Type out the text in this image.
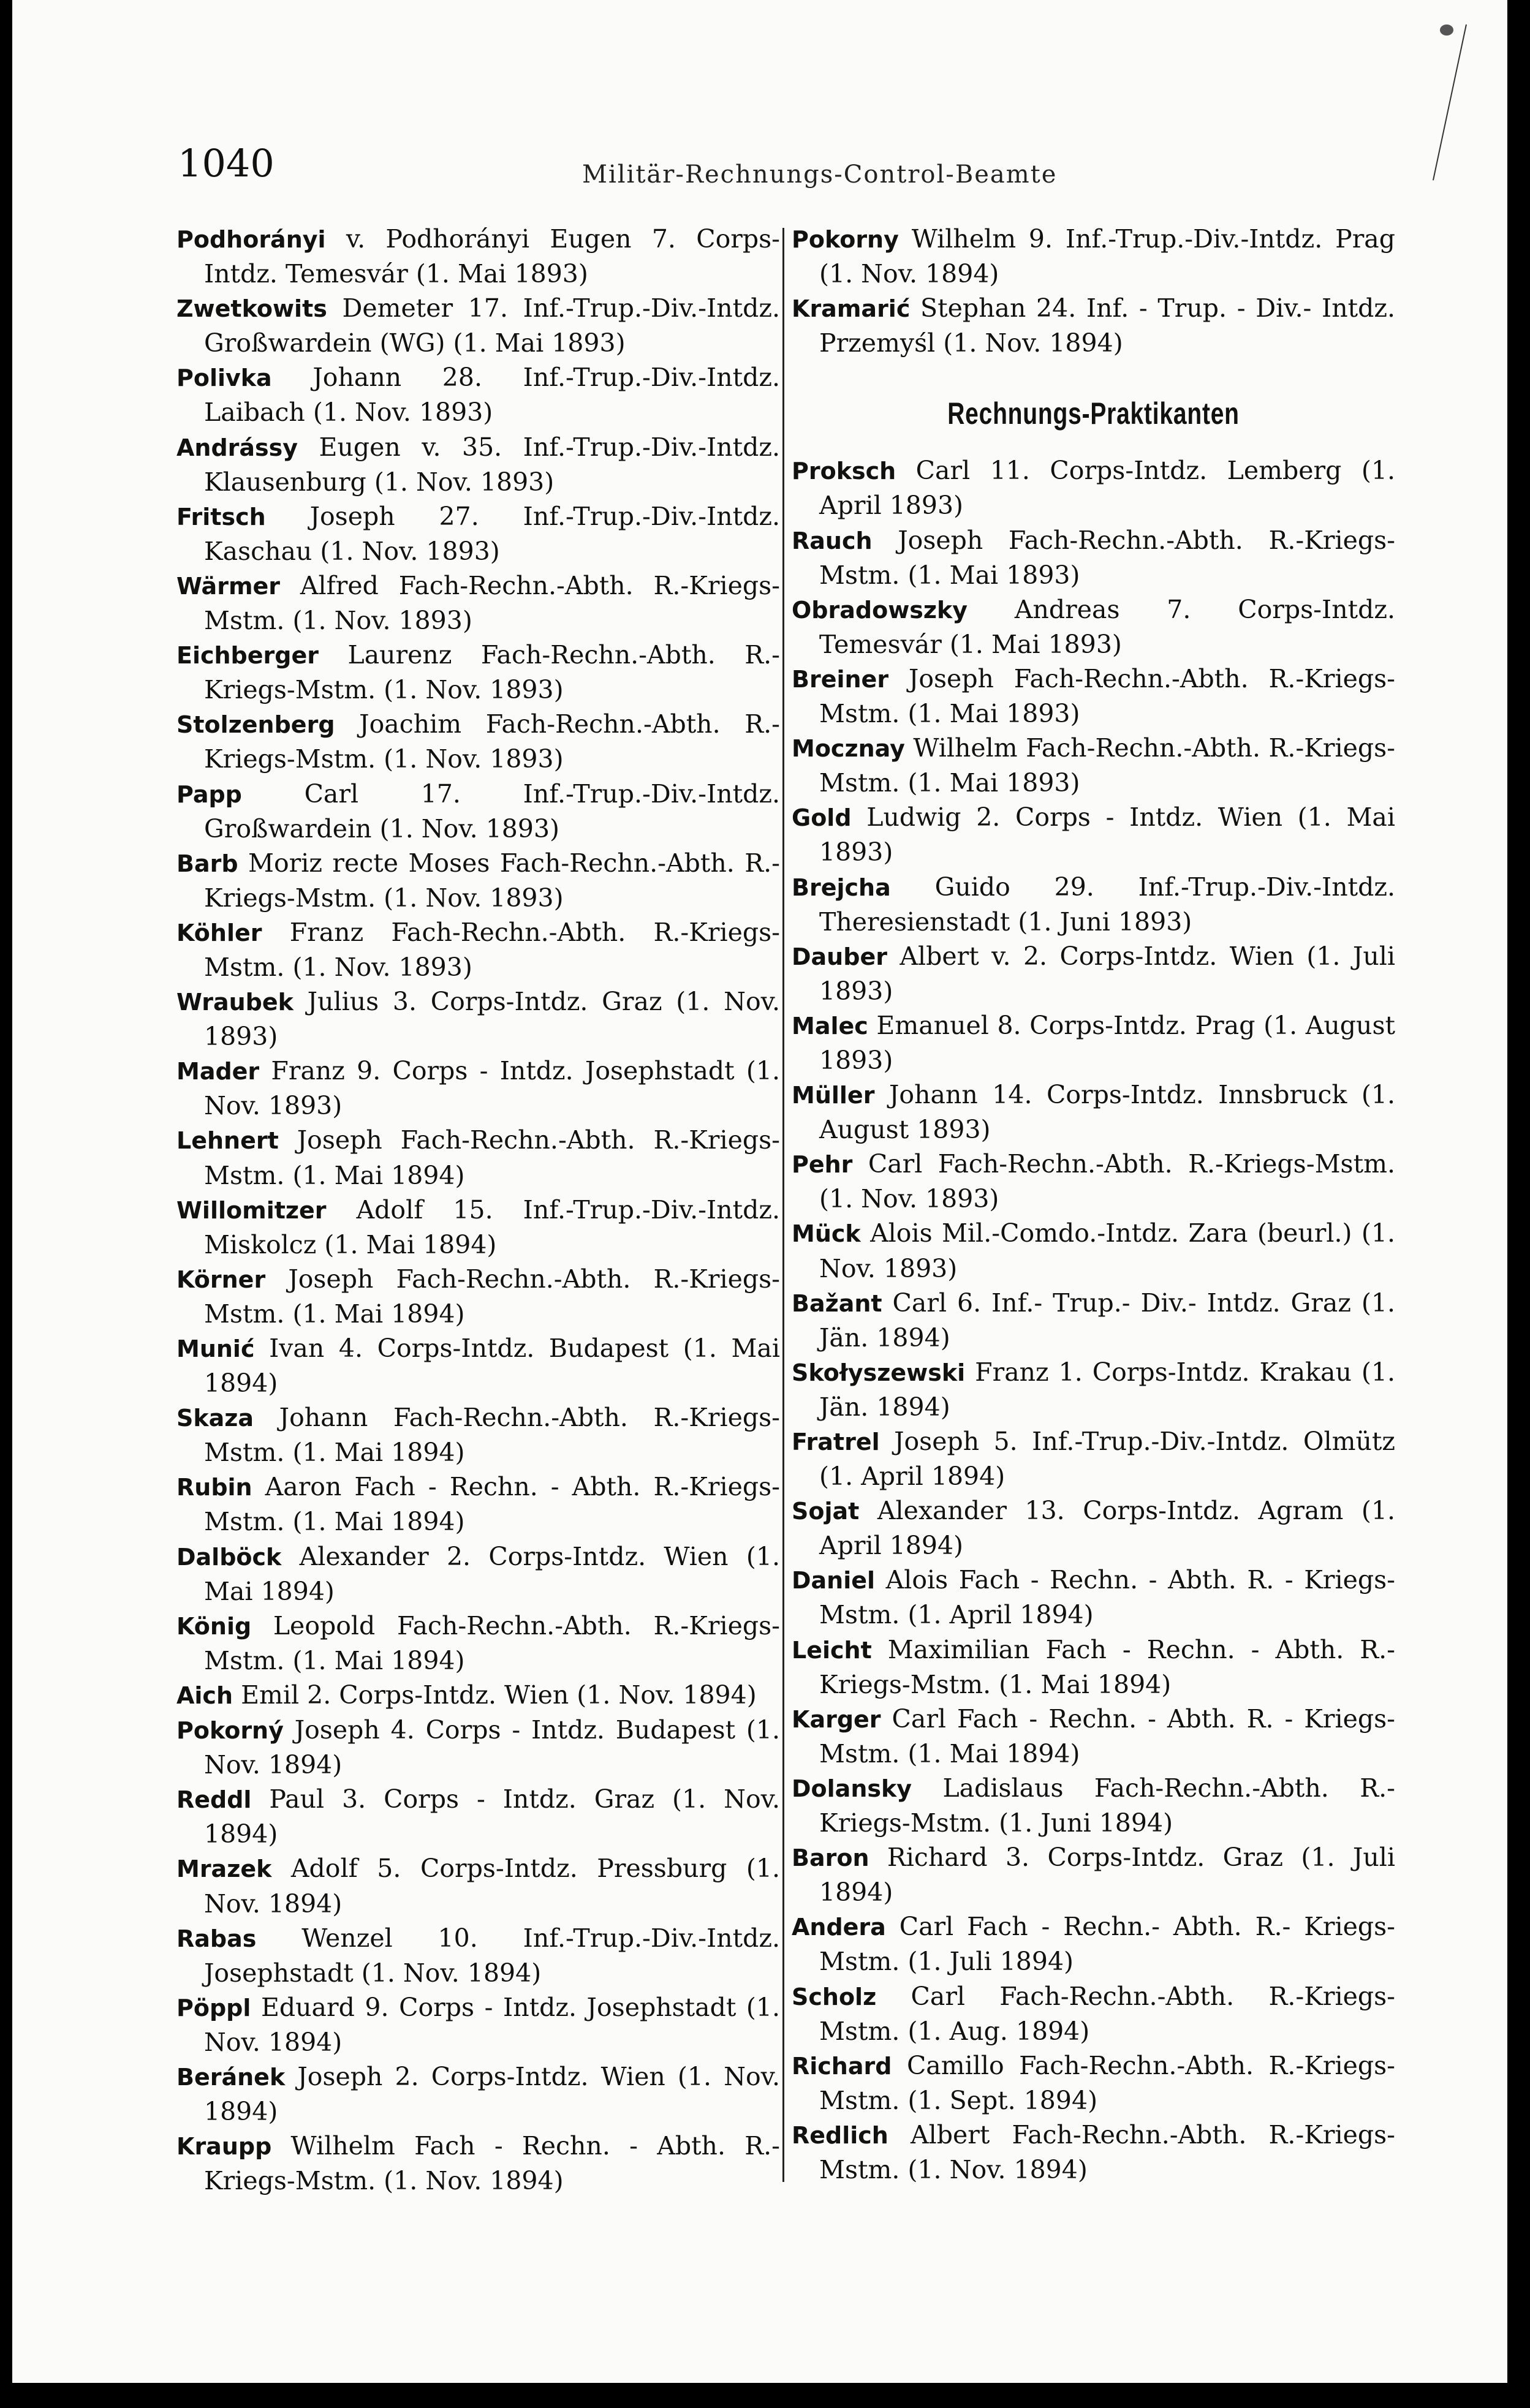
1040	Militär-Rechnungs-Control-Beamte
Podhorányi v. Podhorányi Eugen 7. Corps-Intdz. Temesvár (1. Mai 1893)
Zwetkowits Demeter 17. Inf.-Trup.-Div.-Intdz. Großwardein (WG) (1. Mai 1893)
Polivka Johann 28. Inf.-Trup.-Div.-Intdz. Laibach (1. Nov. 1893)
Andrássy Eugen v. 35. Inf.-Trup.-Div.-Intdz. Klausenburg (1. Nov. 1893)
Fritsch Joseph 27. Inf.-Trup.-Div.-Intdz. Kaschau (1. Nov. 1893)
Wärmer Alfred Fach-Rechn.-Abth. R.-Kriegs-Mstm. (1. Nov. 1893)
Eichberger Laurenz Fach-Rechn.-Abth. R.-Kriegs-Mstm. (1. Nov. 1893)
Stolzenberg Joachim Fach-Rechn.-Abth. R.-Kriegs-Mstm. (1. Nov. 1893)
Papp Carl 17. Inf.-Trup.-Div.-Intdz. Großwardein (1. Nov. 1893)
Barb Moriz recte Moses Fach-Rechn.-Abth. R.-Kriegs-Mstm. (1. Nov. 1893)
Köhler Franz Fach-Rechn.-Abth. R.-Kriegs-Mstm. (1. Nov. 1893)
Wraubek Julius 3. Corps-Intdz. Graz (1. Nov. 1893)
Mader Franz 9. Corps - Intdz. Josephstadt (1. Nov. 1893)
Lehnert Joseph Fach-Rechn.-Abth. R.-Kriegs-Mstm. (1. Mai 1894)
Willomitzer Adolf 15. Inf.-Trup.-Div.-Intdz. Miskolcz (1. Mai 1894)
Körner Joseph Fach-Rechn.-Abth. R.-Kriegs-Mstm. (1. Mai 1894)
Munić Ivan 4. Corps-Intdz. Budapest (1. Mai 1894)
Skaza Johann Fach-Rechn.-Abth. R.-Kriegs-Mstm. (1. Mai 1894)
Rubin Aaron Fach - Rechn. - Abth. R.-Kriegs-Mstm. (1. Mai 1894)
Dalböck Alexander 2. Corps-Intdz. Wien (1. Mai 1894)
König Leopold Fach-Rechn.-Abth. R.-Kriegs-Mstm. (1. Mai 1894)
Aich Emil 2. Corps-Intdz. Wien (1. Nov. 1894)
Pokorný Joseph 4. Corps - Intdz. Budapest (1. Nov. 1894)
Reddl Paul 3. Corps - Intdz. Graz (1. Nov. 1894)
Mrazek Adolf 5. Corps-Intdz. Pressburg (1. Nov. 1894)
Rabas Wenzel 10. Inf.-Trup.-Div.-Intdz. Josephstadt (1. Nov. 1894)
Pöppl Eduard 9. Corps - Intdz. Josephstadt (1. Nov. 1894)
Beránek Joseph 2. Corps-Intdz. Wien (1. Nov. 1894)
Kraupp Wilhelm Fach - Rechn. - Abth. R.-Kriegs-Mstm. (1. Nov. 1894)
Pokorny Wilhelm 9. Inf.-Trup.-Div.-Intdz. Prag (1. Nov. 1894)
Kramarić Stephan 24. Inf. - Trup. - Div.- Intdz. Przemyśl (1. Nov. 1894)
Rechnungs-Praktikanten
Proksch Carl 11. Corps-Intdz. Lemberg (1. April 1893)
Rauch Joseph Fach-Rechn.-Abth. R.-Kriegs-Mstm. (1. Mai 1893)
Obradowszky Andreas 7. Corps-Intdz. Temesvár (1. Mai 1893)
Breiner Joseph Fach-Rechn.-Abth. R.-Kriegs-Mstm. (1. Mai 1893)
Mocznay Wilhelm Fach-Rechn.-Abth. R.-Kriegs-Mstm. (1. Mai 1893)
Gold Ludwig 2. Corps - Intdz. Wien (1. Mai 1893)
Brejcha Guido 29. Inf.-Trup.-Div.-Intdz. Theresienstadt (1. Juni 1893)
Dauber Albert v. 2. Corps-Intdz. Wien (1. Juli 1893)
Malec Emanuel 8. Corps-Intdz. Prag (1. August 1893)
Müller Johann 14. Corps-Intdz. Innsbruck (1. August 1893)
Pehr Carl Fach-Rechn.-Abth. R.-Kriegs-Mstm. (1. Nov. 1893)
Mück Alois Mil.-Comdo.-Intdz. Zara (beurl.) (1. Nov. 1893)
Bažant Carl 6. Inf.- Trup.- Div.- Intdz. Graz (1. Jän. 1894)
Skołyszewski Franz 1. Corps-Intdz. Krakau (1. Jän. 1894)
Fratrel Joseph 5. Inf.-Trup.-Div.-Intdz. Olmütz (1. April 1894)
Sojat Alexander 13. Corps-Intdz. Agram (1. April 1894)
Daniel Alois Fach - Rechn. - Abth. R. - Kriegs-Mstm. (1. April 1894)
Leicht Maximilian Fach - Rechn. - Abth. R.-Kriegs-Mstm. (1. Mai 1894)
Karger Carl Fach - Rechn. - Abth. R. - Kriegs-Mstm. (1. Mai 1894)
Dolansky Ladislaus Fach-Rechn.-Abth. R.-Kriegs-Mstm. (1. Juni 1894)
Baron Richard 3. Corps-Intdz. Graz (1. Juli 1894)
Andera Carl Fach - Rechn.- Abth. R.- Kriegs-Mstm. (1. Juli 1894)
Scholz Carl Fach-Rechn.-Abth. R.-Kriegs-Mstm. (1. Aug. 1894)
Richard Camillo Fach-Rechn.-Abth. R.-Kriegs-Mstm. (1. Sept. 1894)
Redlich Albert Fach-Rechn.-Abth. R.-Kriegs-Mstm. (1. Nov. 1894)
